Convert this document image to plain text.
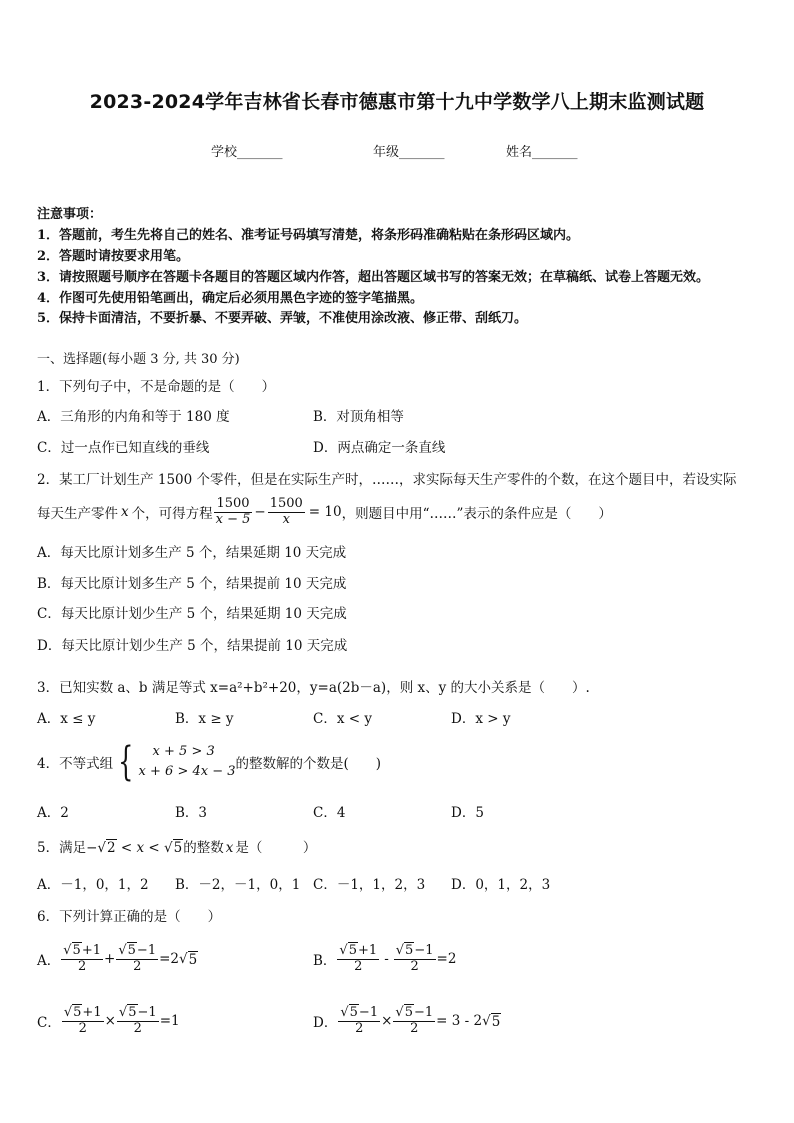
2023-2024学年吉林省长春市德惠市第十九中学数学八上期末监测试题
学校_______	年级_______	姓名_______
注意事项：
1．答题前，考生先将自己的姓名、准考证号码填写清楚，将条形码准确粘贴在条形码区域内。
2．答题时请按要求用笔。
3．请按照题号顺序在答题卡各题目的答题区域内作答，超出答题区域书写的答案无效；在草稿纸、试卷上答题无效。
4．作图可先使用铅笔画出，确定后必须用黑色字迹的签字笔描黑。
5．保持卡面清洁，不要折暴、不要弄破、弄皱，不准使用涂改液、修正带、刮纸刀。
一、选择题(每小题 3 分, 共 30 分)
1．下列句子中，不是命题的是（　　）
A．三角形的内角和等于 180 度	B．对顶角相等
C．过一点作已知直线的垂线	D．两点确定一条直线
2．某工厂计划生产 1500 个零件，但是在实际生产时，……，求实际每天生产零件的个数，在这个题目中，若设实际
每天生产零件 x 个，可得方程 $\frac{1500}{x - 5} - \frac{1500}{x} = 10$ ，则题目中用“……”表示的条件应是（　　）
A．每天比原计划多生产 5 个，结果延期 10 天完成
B．每天比原计划多生产 5 个，结果提前 10 天完成
C．每天比原计划少生产 5 个，结果延期 10 天完成
D．每天比原计划少生产 5 个，结果提前 10 天完成
3．已知实数 a、b 满足等式 x=a²+b²+20，y=a(2b－a)，则 x、y 的大小关系是（　　）.
A．x ≤ y	B．x ≥ y	C．x < y	D．x > y
4．不等式组 {	x + 5 > 3
x + 6 > 4x − 3 的整数解的个数是(　　)
A．2	B．3	C．4	D．5
5．满足−√2 < x < √5的整数 x 是（　　　）
A．－1，0，1，2 B．－2，－1，0，1 C．－1，1，2，3 D．0，1，2，3
6．下列计算正确的是（　　）
A． $\frac{√5+1}{2} + \frac{√5-1}{2} =2$ √ 5	B． $\frac{√5+1}{2} - \frac{√5-1}{2} =2$
C． $\frac{√5+1}{2} \times \frac{√5-1}{2} =1$	D． $\frac{√5-1}{2} \times \frac{√5-1}{2} = 3 - 2$ √ 5
